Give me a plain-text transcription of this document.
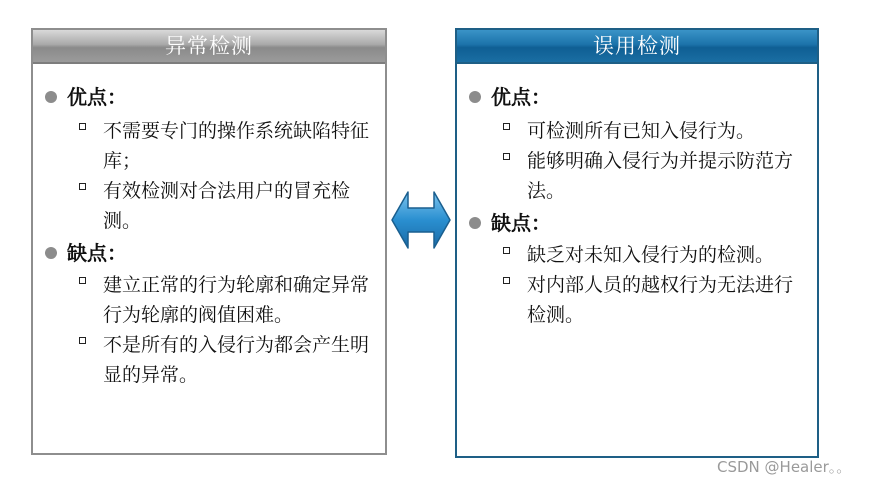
异常检测
优点：
不需要专门的操作系统缺陷特征库；
有效检测对合法用户的冒充检测。
缺点：
建立正常的行为轮廓和确定异常行为轮廓的阀值困难。
不是所有的入侵行为都会产生明显的异常。
误用检测
优点：
可检测所有已知入侵行为。
能够明确入侵行为并提示防范方法。
缺点：
缺乏对未知入侵行为的检测。
对内部人员的越权行为无法进行检测。
CSDN @Healer。。
